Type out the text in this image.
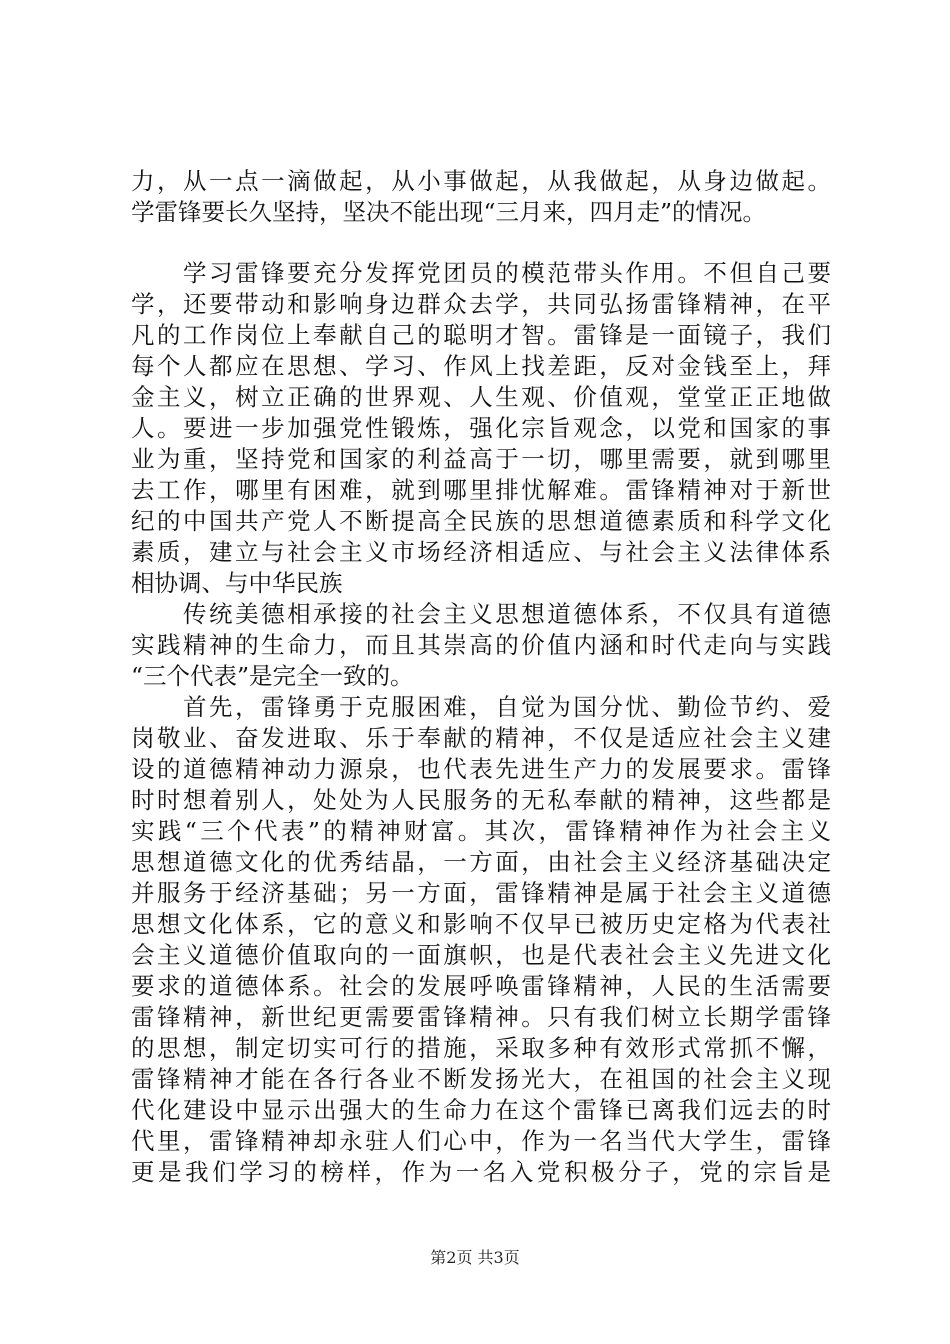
力，从一点一滴做起，从小事做起，从我做起，从身边做起。
学雷锋要长久坚持，坚决不能出现“三月来，四月走”的情况。
　　学习雷锋要充分发挥党团员的模范带头作用。不但自己要
学，还要带动和影响身边群众去学，共同弘扬雷锋精神，在平
凡的工作岗位上奉献自己的聪明才智。雷锋是一面镜子，我们
每个人都应在思想、学习、作风上找差距，反对金钱至上，拜
金主义，树立正确的世界观、人生观、价值观，堂堂正正地做
人。要进一步加强党性锻炼，强化宗旨观念，以党和国家的事
业为重，坚持党和国家的利益高于一切，哪里需要，就到哪里
去工作，哪里有困难，就到哪里排忧解难。雷锋精神对于新世
纪的中国共产党人不断提高全民族的思想道德素质和科学文化
素质，建立与社会主义市场经济相适应、与社会主义法律体系
相协调、与中华民族
　　传统美德相承接的社会主义思想道德体系，不仅具有道德
实践精神的生命力，而且其崇高的价值内涵和时代走向与实践
“三个代表”是完全一致的。
　　首先，雷锋勇于克服困难，自觉为国分忧、勤俭节约、爱
岗敬业、奋发进取、乐于奉献的精神，不仅是适应社会主义建
设的道德精神动力源泉，也代表先进生产力的发展要求。雷锋
时时想着别人，处处为人民服务的无私奉献的精神，这些都是
实践“三个代表”的精神财富。其次，雷锋精神作为社会主义
思想道德文化的优秀结晶，一方面，由社会主义经济基础决定
并服务于经济基础；另一方面，雷锋精神是属于社会主义道德
思想文化体系，它的意义和影响不仅早已被历史定格为代表社
会主义道德价值取向的一面旗帜，也是代表社会主义先进文化
要求的道德体系。社会的发展呼唤雷锋精神，人民的生活需要
雷锋精神，新世纪更需要雷锋精神。只有我们树立长期学雷锋
的思想，制定切实可行的措施，采取多种有效形式常抓不懈，
雷锋精神才能在各行各业不断发扬光大，在祖国的社会主义现
代化建设中显示出强大的生命力在这个雷锋已离我们远去的时
代里，雷锋精神却永驻人们心中，作为一名当代大学生，雷锋
更是我们学习的榜样，作为一名入党积极分子，党的宗旨是
第2页 共3页
